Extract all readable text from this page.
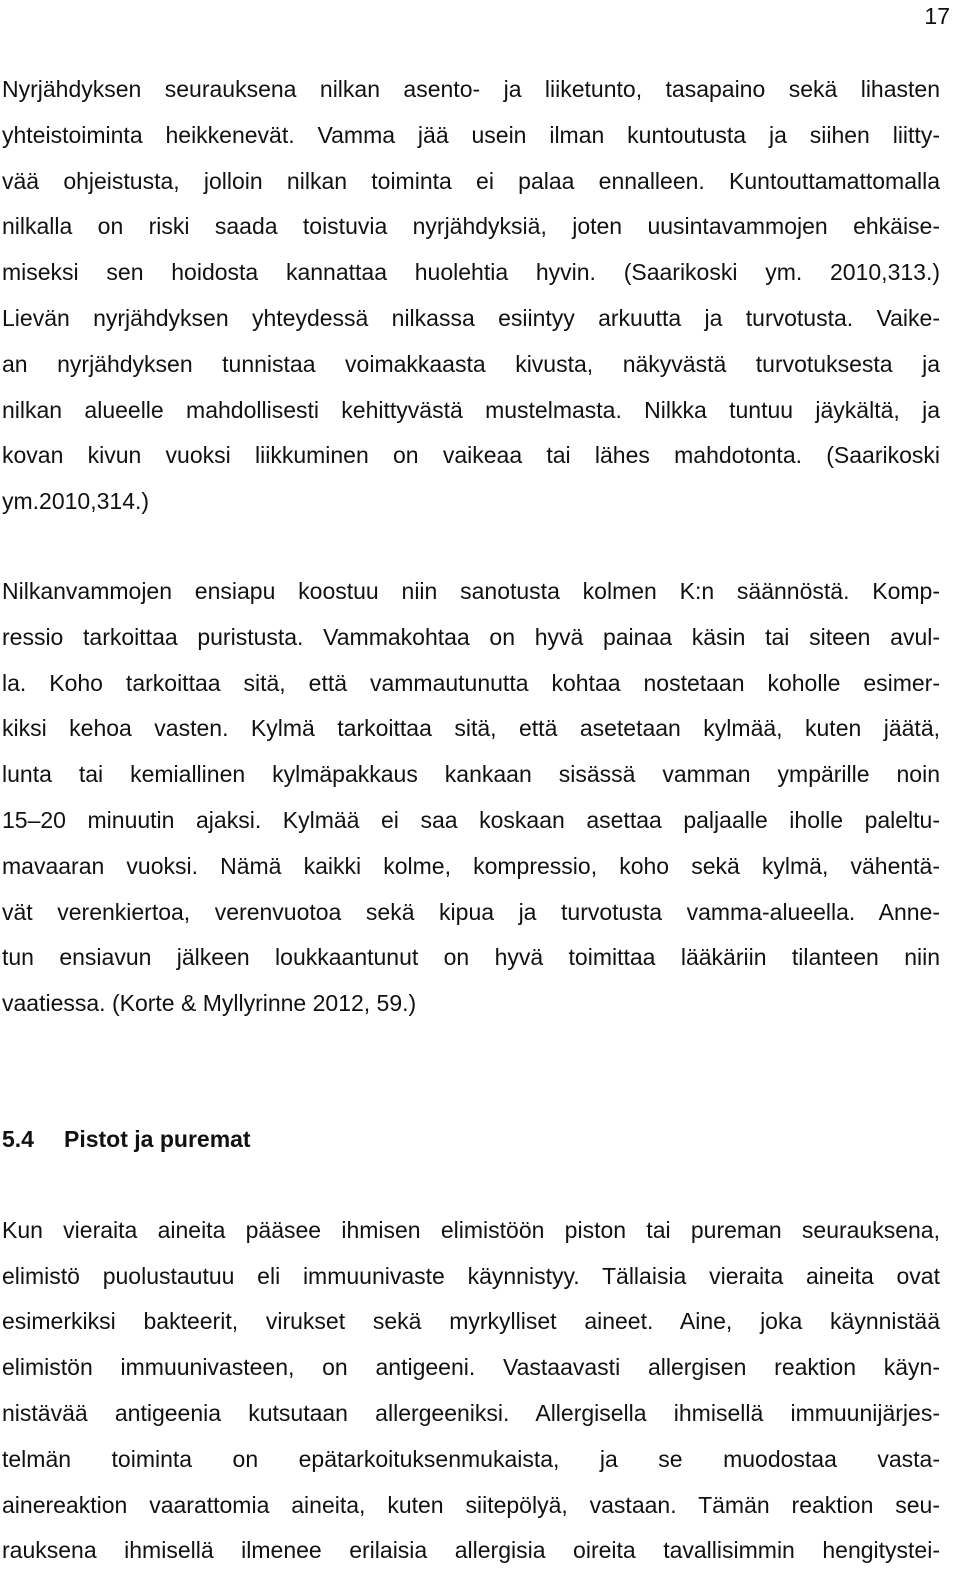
17
Nyrjähdyksen seurauksena nilkan asento- ja liiketunto, tasapaino sekä lihasten
yhteistoiminta heikkenevät. Vamma jää usein ilman kuntoutusta ja siihen liitty-
vää ohjeistusta, jolloin nilkan toiminta ei palaa ennalleen. Kuntouttamattomalla
nilkalla on riski saada toistuvia nyrjähdyksiä, joten uusintavammojen ehkäise-
miseksi sen hoidosta kannattaa huolehtia hyvin. (Saarikoski ym. 2010,313.)
Lievän nyrjähdyksen yhteydessä nilkassa esiintyy arkuutta ja turvotusta. Vaike-
an nyrjähdyksen tunnistaa voimakkaasta kivusta, näkyvästä turvotuksesta ja
nilkan alueelle mahdollisesti kehittyvästä mustelmasta. Nilkka tuntuu jäykältä, ja
kovan kivun vuoksi liikkuminen on vaikeaa tai lähes mahdotonta. (Saarikoski
ym.2010,314.)
Nilkanvammojen ensiapu koostuu niin sanotusta kolmen K:n säännöstä. Komp-
ressio tarkoittaa puristusta. Vammakohtaa on hyvä painaa käsin tai siteen avul-
la. Koho tarkoittaa sitä, että vammautunutta kohtaa nostetaan koholle esimer-
kiksi kehoa vasten. Kylmä tarkoittaa sitä, että asetetaan kylmää, kuten jäätä,
lunta tai kemiallinen kylmäpakkaus kankaan sisässä vamman ympärille noin
15–20 minuutin ajaksi. Kylmää ei saa koskaan asettaa paljaalle iholle paleltu-
mavaaran vuoksi. Nämä kaikki kolme, kompressio, koho sekä kylmä, vähentä-
vät verenkiertoa, verenvuotoa sekä kipua ja turvotusta vamma-alueella. Anne-
tun ensiavun jälkeen loukkaantunut on hyvä toimittaa lääkäriin tilanteen niin
vaatiessa. (Korte & Myllyrinne 2012, 59.)
5.4 Pistot ja puremat
Kun vieraita aineita pääsee ihmisen elimistöön piston tai pureman seurauksena,
elimistö puolustautuu eli immuunivaste käynnistyy. Tällaisia vieraita aineita ovat
esimerkiksi bakteerit, virukset sekä myrkylliset aineet. Aine, joka käynnistää
elimistön immuunivasteen, on antigeeni. Vastaavasti allergisen reaktion käyn-
nistävää antigeenia kutsutaan allergeeniksi. Allergisella ihmisellä immuunijärjes-
telmän toiminta on epätarkoituksenmukaista, ja se muodostaa vasta-
ainereaktion vaarattomia aineita, kuten siitepölyä, vastaan. Tämän reaktion seu-
rauksena ihmisellä ilmenee erilaisia allergisia oireita tavallisimmin hengitystei-
